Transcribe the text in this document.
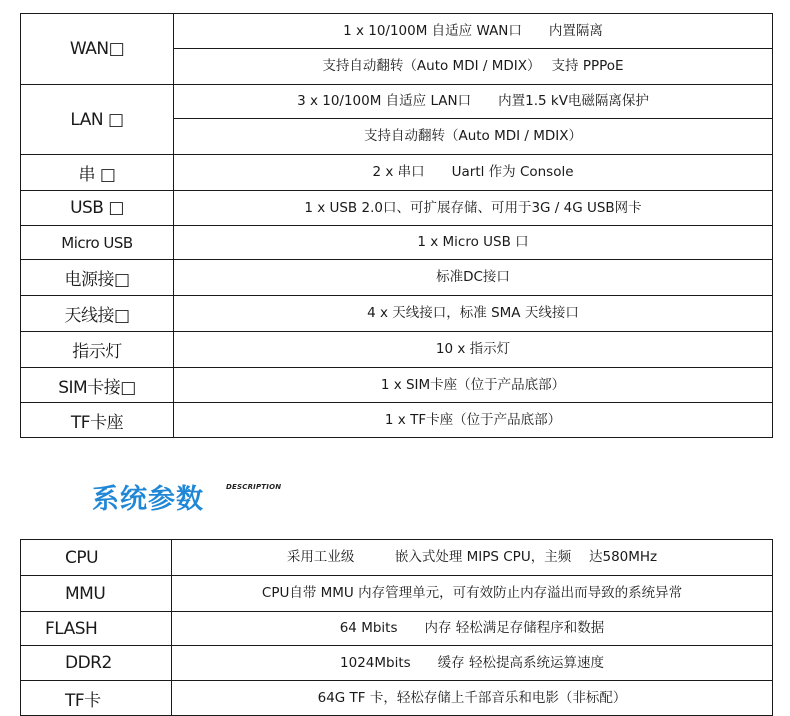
WAN□	1 x 10/100M 自适应 WAN口　　内置隔离
	支持自动翻转（Auto MDI / MDIX）　 支持 PPPoE
LAN □	3 x 10/100M 自适应 LAN口　　内置1.5 kV电磁隔离保护
	支持自动翻转（Auto MDI / MDIX）
串 □	2 x 串口　　Uartl 作为 Console
USB □	1 x USB 2.0口、可扩展存储、可用于3G / 4G USB网卡
Micro USB	1 x Micro USB 口
电源接□	标准DC接口
天线接□	4 x 天线接口，标准 SMA 天线接口
指示灯	10 x 指示灯
SIM卡接□	1 x SIM卡座（位于产品底部）
TF卡座	1 x TF卡座（位于产品底部）
系统参数	DESCRIPTION
CPU	采用工业级　　　嵌入式处理 MIPS CPU，主频　 达580MHz
MMU	CPU自带 MMU 内存管理单元，可有效防止内存溢出而导致的系统异常
FLASH	64 Mbits　　内存 轻松满足存储程序和数据
DDR2	1024Mbits　　缓存 轻松提高系统运算速度
TF卡	64G TF 卡，轻松存储上千部音乐和电影（非标配）
